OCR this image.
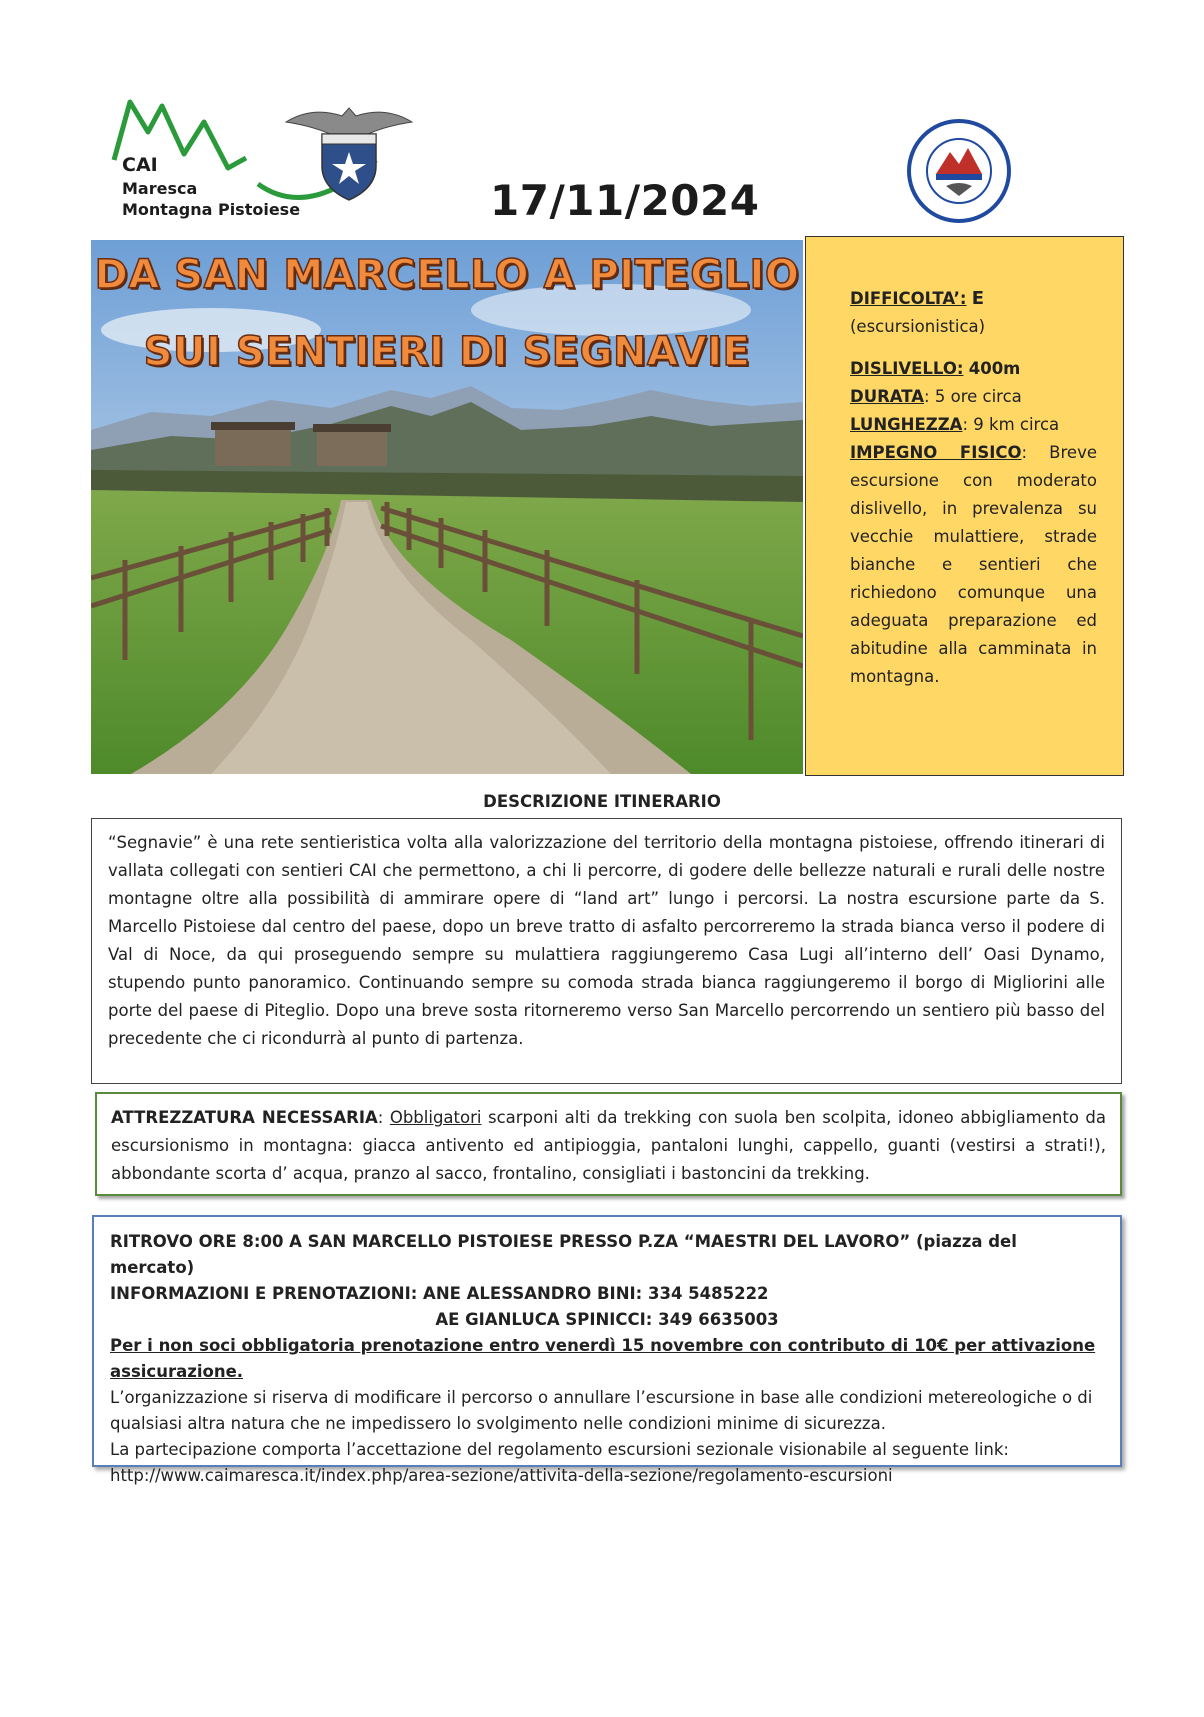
CAI
Maresca
Montagna Pistoiese	17/11/2024
DA SAN MARCELLO A PITEGLIO
SUI SENTIERI DI SEGNAVIE

DIFFICOLTA’: E

(escursionistica)

DISLIVELLO: 400m

DURATA: 5 ore circa

LUNGHEZZA: 9 km circa

IMPEGNO FISICO: Breve escursione con moderato dislivello, in prevalenza su vecchie mulattiere, strade bianche e sentieri che richiedono comunque una adeguata preparazione ed abitudine alla camminata in montagna.

DESCRIZIONE ITINERARIO

“Segnavie” è una rete sentieristica volta alla valorizzazione del territorio della montagna pistoiese, offrendo itinerari di vallata collegati con sentieri CAI che permettono, a chi li percorre, di godere delle bellezze naturali e rurali delle nostre montagne oltre alla possibilità di ammirare opere di “land art” lungo i percorsi. La nostra escursione parte da S. Marcello Pistoiese dal centro del paese, dopo un breve tratto di asfalto percorreremo la strada bianca verso il podere di Val di Noce, da qui proseguendo sempre su mulattiera raggiungeremo Casa Lugi all’interno dell’ Oasi Dynamo, stupendo punto panoramico. Continuando sempre su comoda strada bianca raggiungeremo il borgo di Migliorini alle porte del paese di Piteglio. Dopo una breve sosta ritorneremo verso San Marcello percorrendo un sentiero più basso del precedente che ci ricondurrà al punto di partenza.

ATTREZZATURA NECESSARIA: Obbligatori scarponi alti da trekking con suola ben scolpita, idoneo abbigliamento da escursionismo in montagna: giacca antivento ed antipioggia, pantaloni lunghi, cappello, guanti (vestirsi a strati!), abbondante scorta d’ acqua, pranzo al sacco, frontalino, consigliati i bastoncini da trekking.

RITROVO ORE 8:00 A SAN MARCELLO PISTOIESE PRESSO P.ZA “MAESTRI DEL LAVORO” (piazza del mercato)

INFORMAZIONI E PRENOTAZIONI: ANE ALESSANDRO BINI: 334 5485222

AE GIANLUCA SPINICCI: 349 6635003

Per i non soci obbligatoria prenotazione entro venerdì 15 novembre con contributo di 10€ per attivazione assicurazione.

L’organizzazione si riserva di modificare il percorso o annullare l’escursione in base alle condizioni metereologiche o di qualsiasi altra natura che ne impedissero lo svolgimento nelle condizioni minime di sicurezza.

La partecipazione comporta l’accettazione del regolamento escursioni sezionale visionabile al seguente link:

http://www.caimaresca.it/index.php/area-sezione/attivita-della-sezione/regolamento-escursioni
